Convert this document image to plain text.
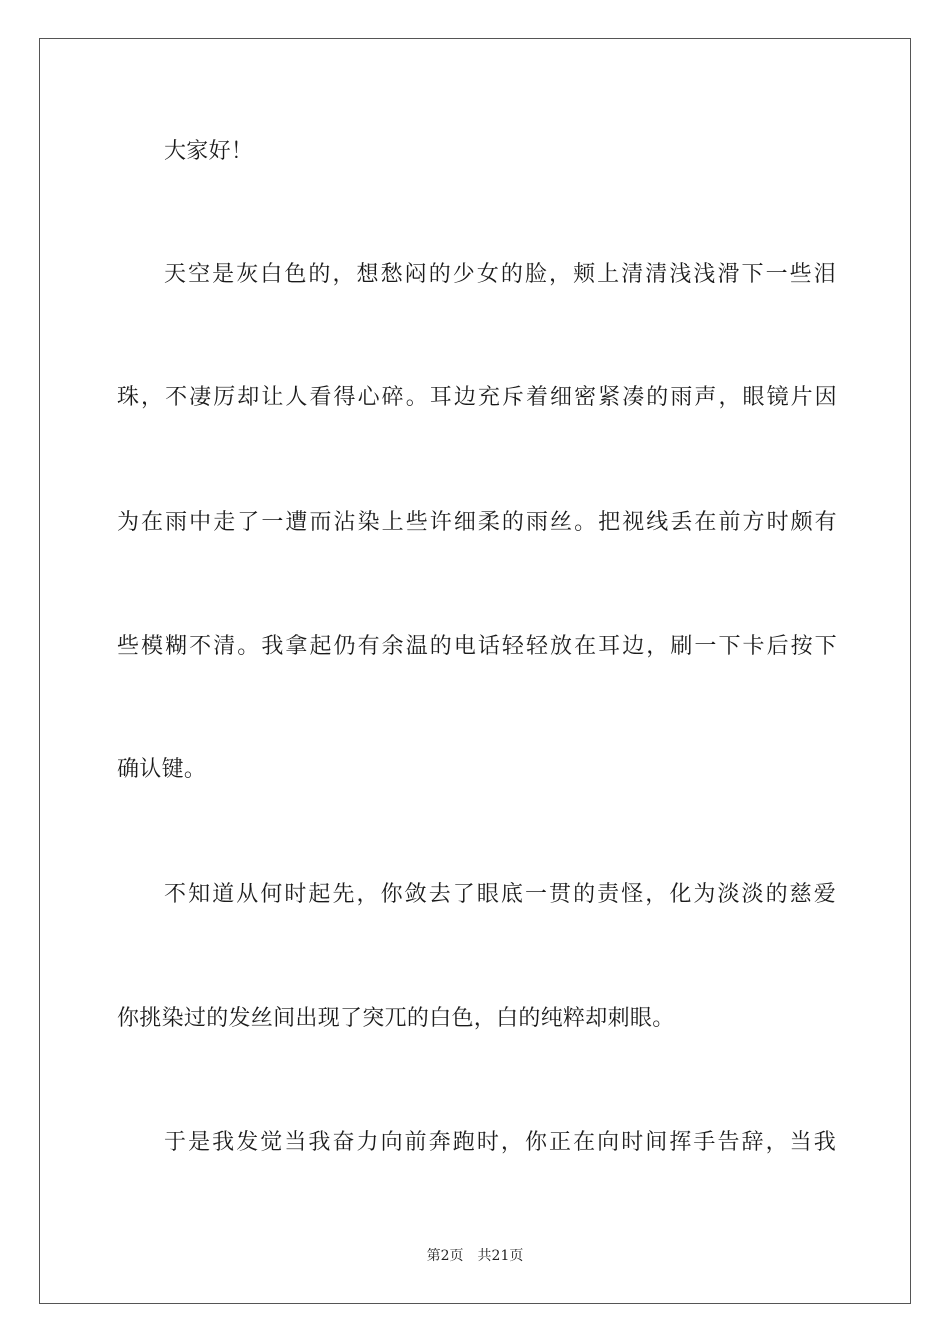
大家好！
天空是灰白色的，想愁闷的少女的脸，颊上清清浅浅滑下一些泪
珠，不凄厉却让人看得心碎。耳边充斥着细密紧凑的雨声，眼镜片因
为在雨中走了一遭而沾染上些许细柔的雨丝。把视线丢在前方时颇有
些模糊不清。我拿起仍有余温的电话轻轻放在耳边，刷一下卡后按下
确认键。
不知道从何时起先，你敛去了眼底一贯的责怪，化为淡淡的慈爱
你挑染过的发丝间出现了突兀的白色，白的纯粹却刺眼。
于是我发觉当我奋力向前奔跑时，你正在向时间挥手告辞，当我
第2页 共21页
